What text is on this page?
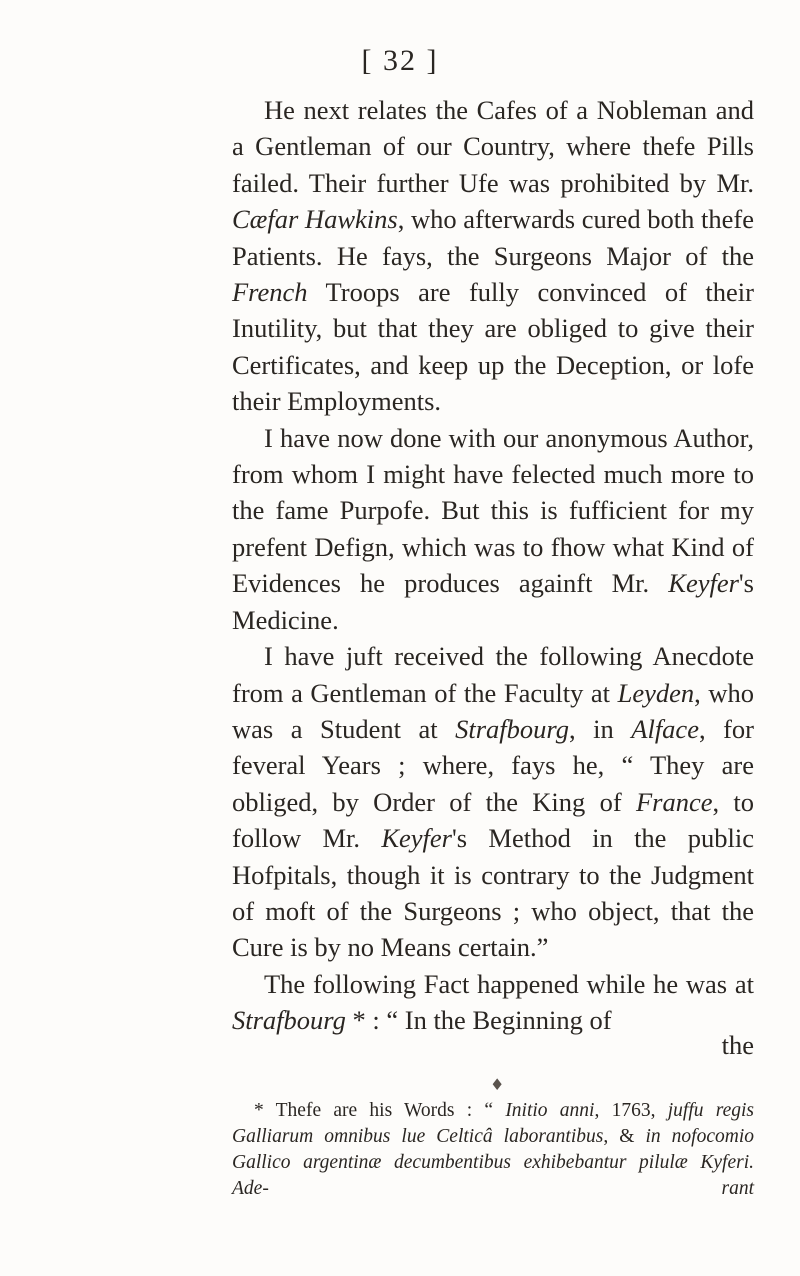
[ 32 ]

He next relates the Cafes of a Nobleman and a Gentleman of our Country, where thefe Pills failed. Their further Ufe was prohibited by Mr. Cæfar Hawkins, who afterwards cured both thefe Patients. He fays, the Surgeons Major of the French Troops are fully convinced of their Inutility, but that they are obliged to give their Certificates, and keep up the Deception, or lofe their Employments.

I have now done with our anonymous Author, from whom I might have felected much more to the fame Purpofe. But this is fufficient for my prefent Defign, which was to fhow what Kind of Evidences he produces againft Mr. Keyfer's Medicine.

I have juft received the following Anecdote from a Gentleman of the Faculty at Leyden, who was a Student at Strafbourg, in Alface, for feveral Years ; where, fays he, “ They are obliged, by Order of the King of France, to follow Mr. Keyfer's Method in the public Hofpitals, though it is contrary to the Judgment of moft of the Surgeons ; who object, that the Cure is by no Means certain.”

The following Fact happened while he was at Strafbourg * : “ In the Beginning of

the
♦
* Thefe are his Words : “ Initio anni, 1763, juffu regis Galliarum omnibus lue Celticâ laborantibus, & in nofocomio Gallico argentinæ decumbentibus exhibebantur pilulæ Kyferi. Ade-	rant
